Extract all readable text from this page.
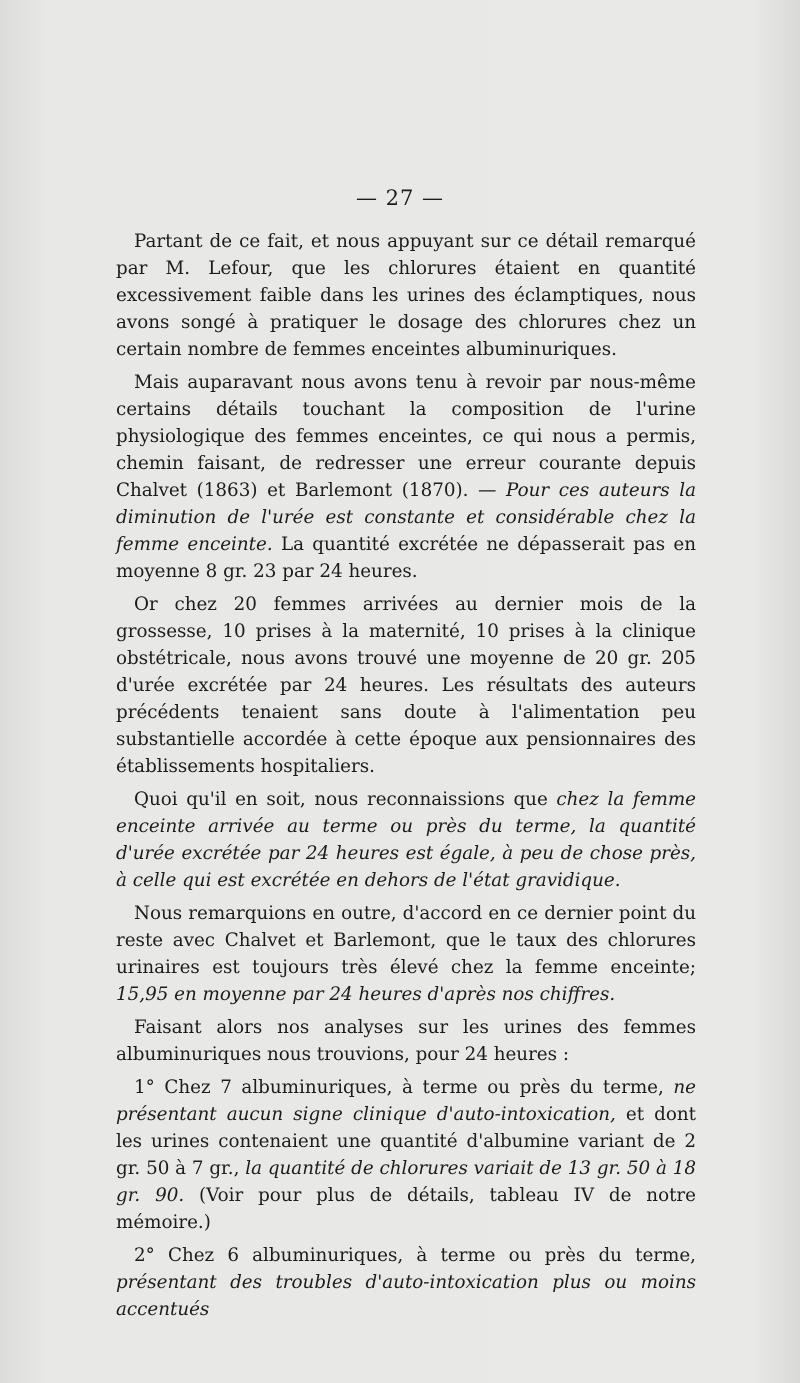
— 27 —

Partant de ce fait, et nous appuyant sur ce détail remarqué par M. Lefour, que les chlorures étaient en quantité excessivement faible dans les urines des éclamptiques, nous avons songé à pratiquer le dosage des chlorures chez un certain nombre de femmes enceintes albuminuriques.

Mais auparavant nous avons tenu à revoir par nous-même certains détails touchant la composition de l'urine physiologique des femmes enceintes, ce qui nous a permis, chemin faisant, de redresser une erreur courante depuis Chalvet (1863) et Barlemont (1870). — Pour ces auteurs la diminution de l'urée est constante et considérable chez la femme enceinte. La quantité excrétée ne dépasserait pas en moyenne 8 gr. 23 par 24 heures.

Or chez 20 femmes arrivées au dernier mois de la grossesse, 10 prises à la maternité, 10 prises à la clinique obstétricale, nous avons trouvé une moyenne de 20 gr. 205 d'urée excrétée par 24 heures. Les résultats des auteurs précédents tenaient sans doute à l'alimentation peu substantielle accordée à cette époque aux pensionnaires des établissements hospitaliers.

Quoi qu'il en soit, nous reconnaissions que chez la femme enceinte arrivée au terme ou près du terme, la quantité d'urée excrétée par 24 heures est égale, à peu de chose près, à celle qui est excrétée en dehors de l'état gravidique.

Nous remarquions en outre, d'accord en ce dernier point du reste avec Chalvet et Barlemont, que le taux des chlorures urinaires est toujours très élevé chez la femme enceinte; 15,95 en moyenne par 24 heures d'après nos chiffres.

Faisant alors nos analyses sur les urines des femmes albuminuriques nous trouvions, pour 24 heures :

1° Chez 7 albuminuriques, à terme ou près du terme, ne présentant aucun signe clinique d'auto-intoxication, et dont les urines contenaient une quantité d'albumine variant de 2 gr. 50 à 7 gr., la quantité de chlorures variait de 13 gr. 50 à 18 gr. 90. (Voir pour plus de détails, tableau IV de notre mémoire.)

2° Chez 6 albuminuriques, à terme ou près du terme, présentant des troubles d'auto-intoxication plus ou moins accentués
